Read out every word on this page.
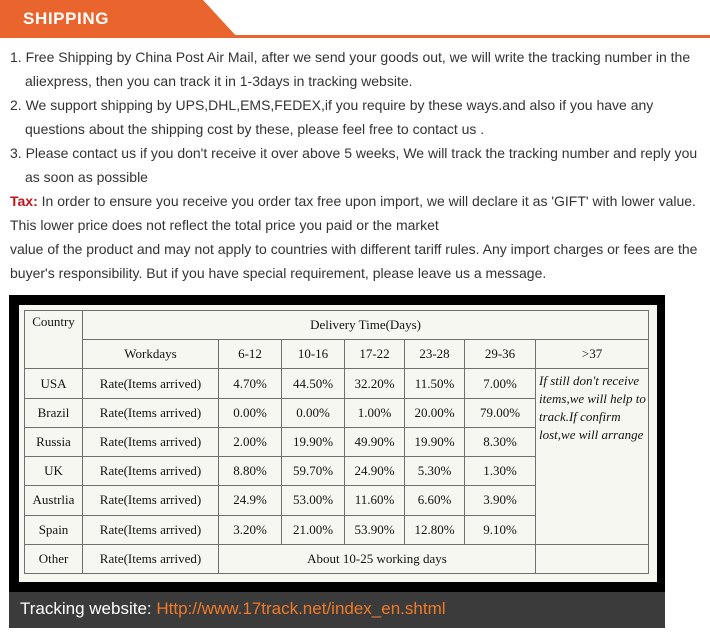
SHIPPING

1. Free Shipping by China Post Air Mail, after we send your goods out, we will write the tracking number in the aliexpress, then you can track it in 1-3days in tracking website.

2. We support shipping by UPS,DHL,EMS,FEDEX,if you require by these ways.and also if you have any questions about the shipping cost by these, please feel free to contact us .

3. Please contact us if you don't receive it over above 5 weeks, We will track the tracking number and reply you as soon as possible

Tax: In order to ensure you receive you order tax free upon import, we will declare it as 'GIFT' with lower value. This lower price does not reflect the total price you paid or the market

value of the product and may not apply to countries with different tariff rules. Any import charges or fees are the buyer's responsibility. But if you have special requirement, please leave us a message.

Country	Delivery Time(Days)						
	Workdays	6-12	10-16	17-22	23-28	29-36	>37
USA	Rate(Items arrived)	4.70%	44.50%	32.20%	11.50%	7.00%	If still don't receive items,we will help to track.If confirm lost,we will arrange
Brazil	Rate(Items arrived)	0.00%	0.00%	1.00%	20.00%	79.00%	
Russia	Rate(Items arrived)	2.00%	19.90%	49.90%	19.90%	8.30%	
UK	Rate(Items arrived)	8.80%	59.70%	24.90%	5.30%	1.30%	
Austrlia	Rate(Items arrived)	24.9%	53.00%	11.60%	6.60%	3.90%	
Spain	Rate(Items arrived)	3.20%	21.00%	53.90%	12.80%	9.10%	
Other	Rate(Items arrived)	About 10-25 working days					
Tracking website: Http://www.17track.net/index_en.shtml
